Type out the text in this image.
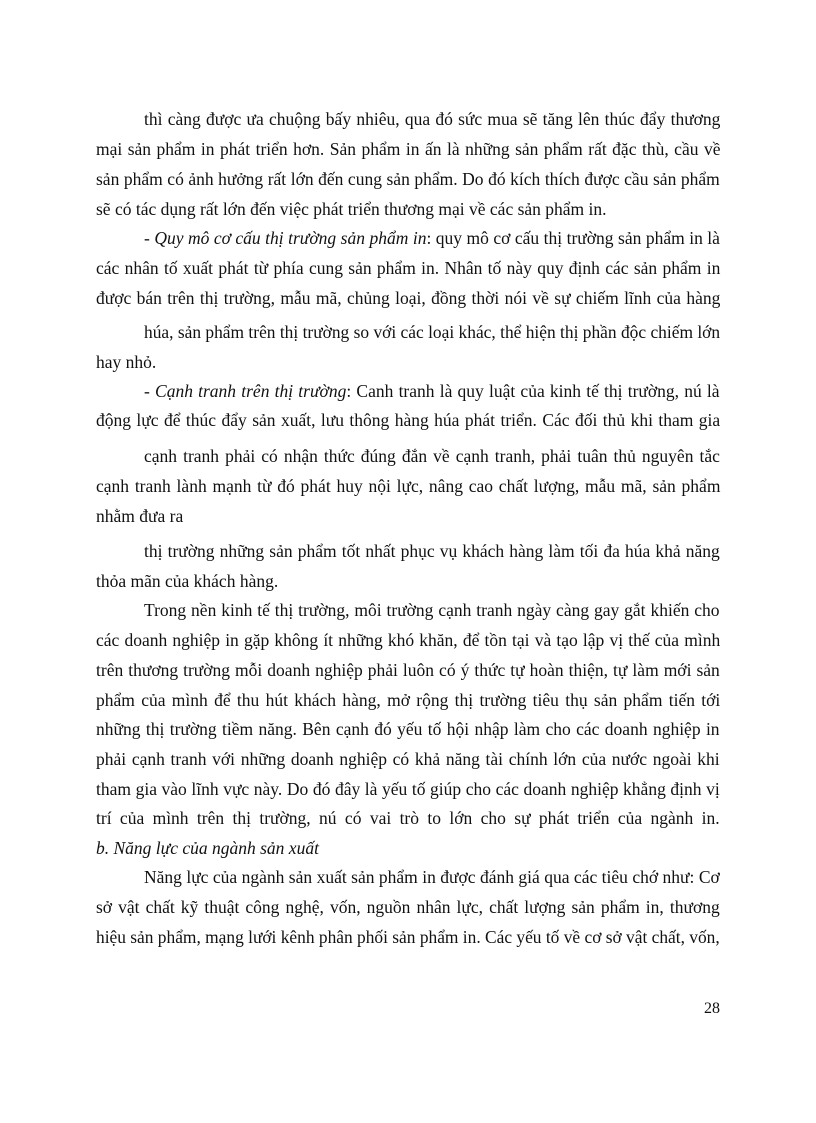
thì càng được ưa chuộng bấy nhiêu, qua đó sức mua sẽ tăng lên thúc đẩy thương

mại sản phẩm in phát triển hơn. Sản phẩm in ấn là những sản phẩm rất đặc thù, cầu về

sản phẩm có ảnh hưởng rất lớn đến cung sản phẩm. Do đó kích thích được cầu sản phẩm

sẽ có tác dụng rất lớn đến việc phát triển thương mại về các sản phẩm in.

- Quy mô cơ cấu thị trường sản phẩm in: quy mô cơ cấu thị trường sản phẩm in là

các nhân tố xuất phát từ phía cung sản phẩm in. Nhân tố này quy định các sản phẩm in

được bán trên thị trường, mẫu mã, chủng loại, đồng thời nói về sự chiếm lĩnh của hàng

húa, sản phẩm trên thị trường so với các loại khác, thể hiện thị phần độc chiếm lớn

hay nhỏ.

- Cạnh tranh trên thị trường: Canh tranh là quy luật của kinh tế thị trường, nú là

động lực để thúc đẩy sản xuất, lưu thông hàng húa phát triển. Các đối thủ khi tham gia

cạnh tranh phải có nhận thức đúng đắn về cạnh tranh, phải tuân thủ nguyên tắc

cạnh tranh lành mạnh từ đó phát huy nội lực, nâng cao chất lượng, mẫu mã, sản phẩm

nhằm đưa ra

thị trường những sản phẩm tốt nhất phục vụ khách hàng làm tối đa húa khả năng

thỏa mãn của khách hàng.

Trong nền kinh tế thị trường, môi trường cạnh tranh ngày càng gay gắt khiến cho

các doanh nghiệp in gặp không ít những khó khăn, để tồn tại và tạo lập vị thế của mình

trên thương trường mỗi doanh nghiệp phải luôn có ý thức tự hoàn thiện, tự làm mới sản

phẩm của mình để thu hút khách hàng, mở rộng thị trường tiêu thụ sản phẩm tiến tới

những thị trường tiềm năng. Bên cạnh đó yếu tố hội nhập làm cho các doanh nghiệp in

phải cạnh tranh với những doanh nghiệp có khả năng tài chính lớn của nước ngoài khi

tham gia vào lĩnh vực này. Do đó đây là yếu tố giúp cho các doanh nghiệp khẳng định vị

trí của mình trên thị trường, nú có vai trò to lớn cho sự phát triển của ngành in.

b. Năng lực của ngành sản xuất

Năng lực của ngành sản xuất sản phẩm in được đánh giá qua các tiêu chớ như: Cơ

sở vật chất kỹ thuật công nghệ, vốn, nguồn nhân lực, chất lượng sản phẩm in, thương

hiệu sản phẩm, mạng lưới kênh phân phối sản phẩm in. Các yếu tố về cơ sở vật chất, vốn,

28
